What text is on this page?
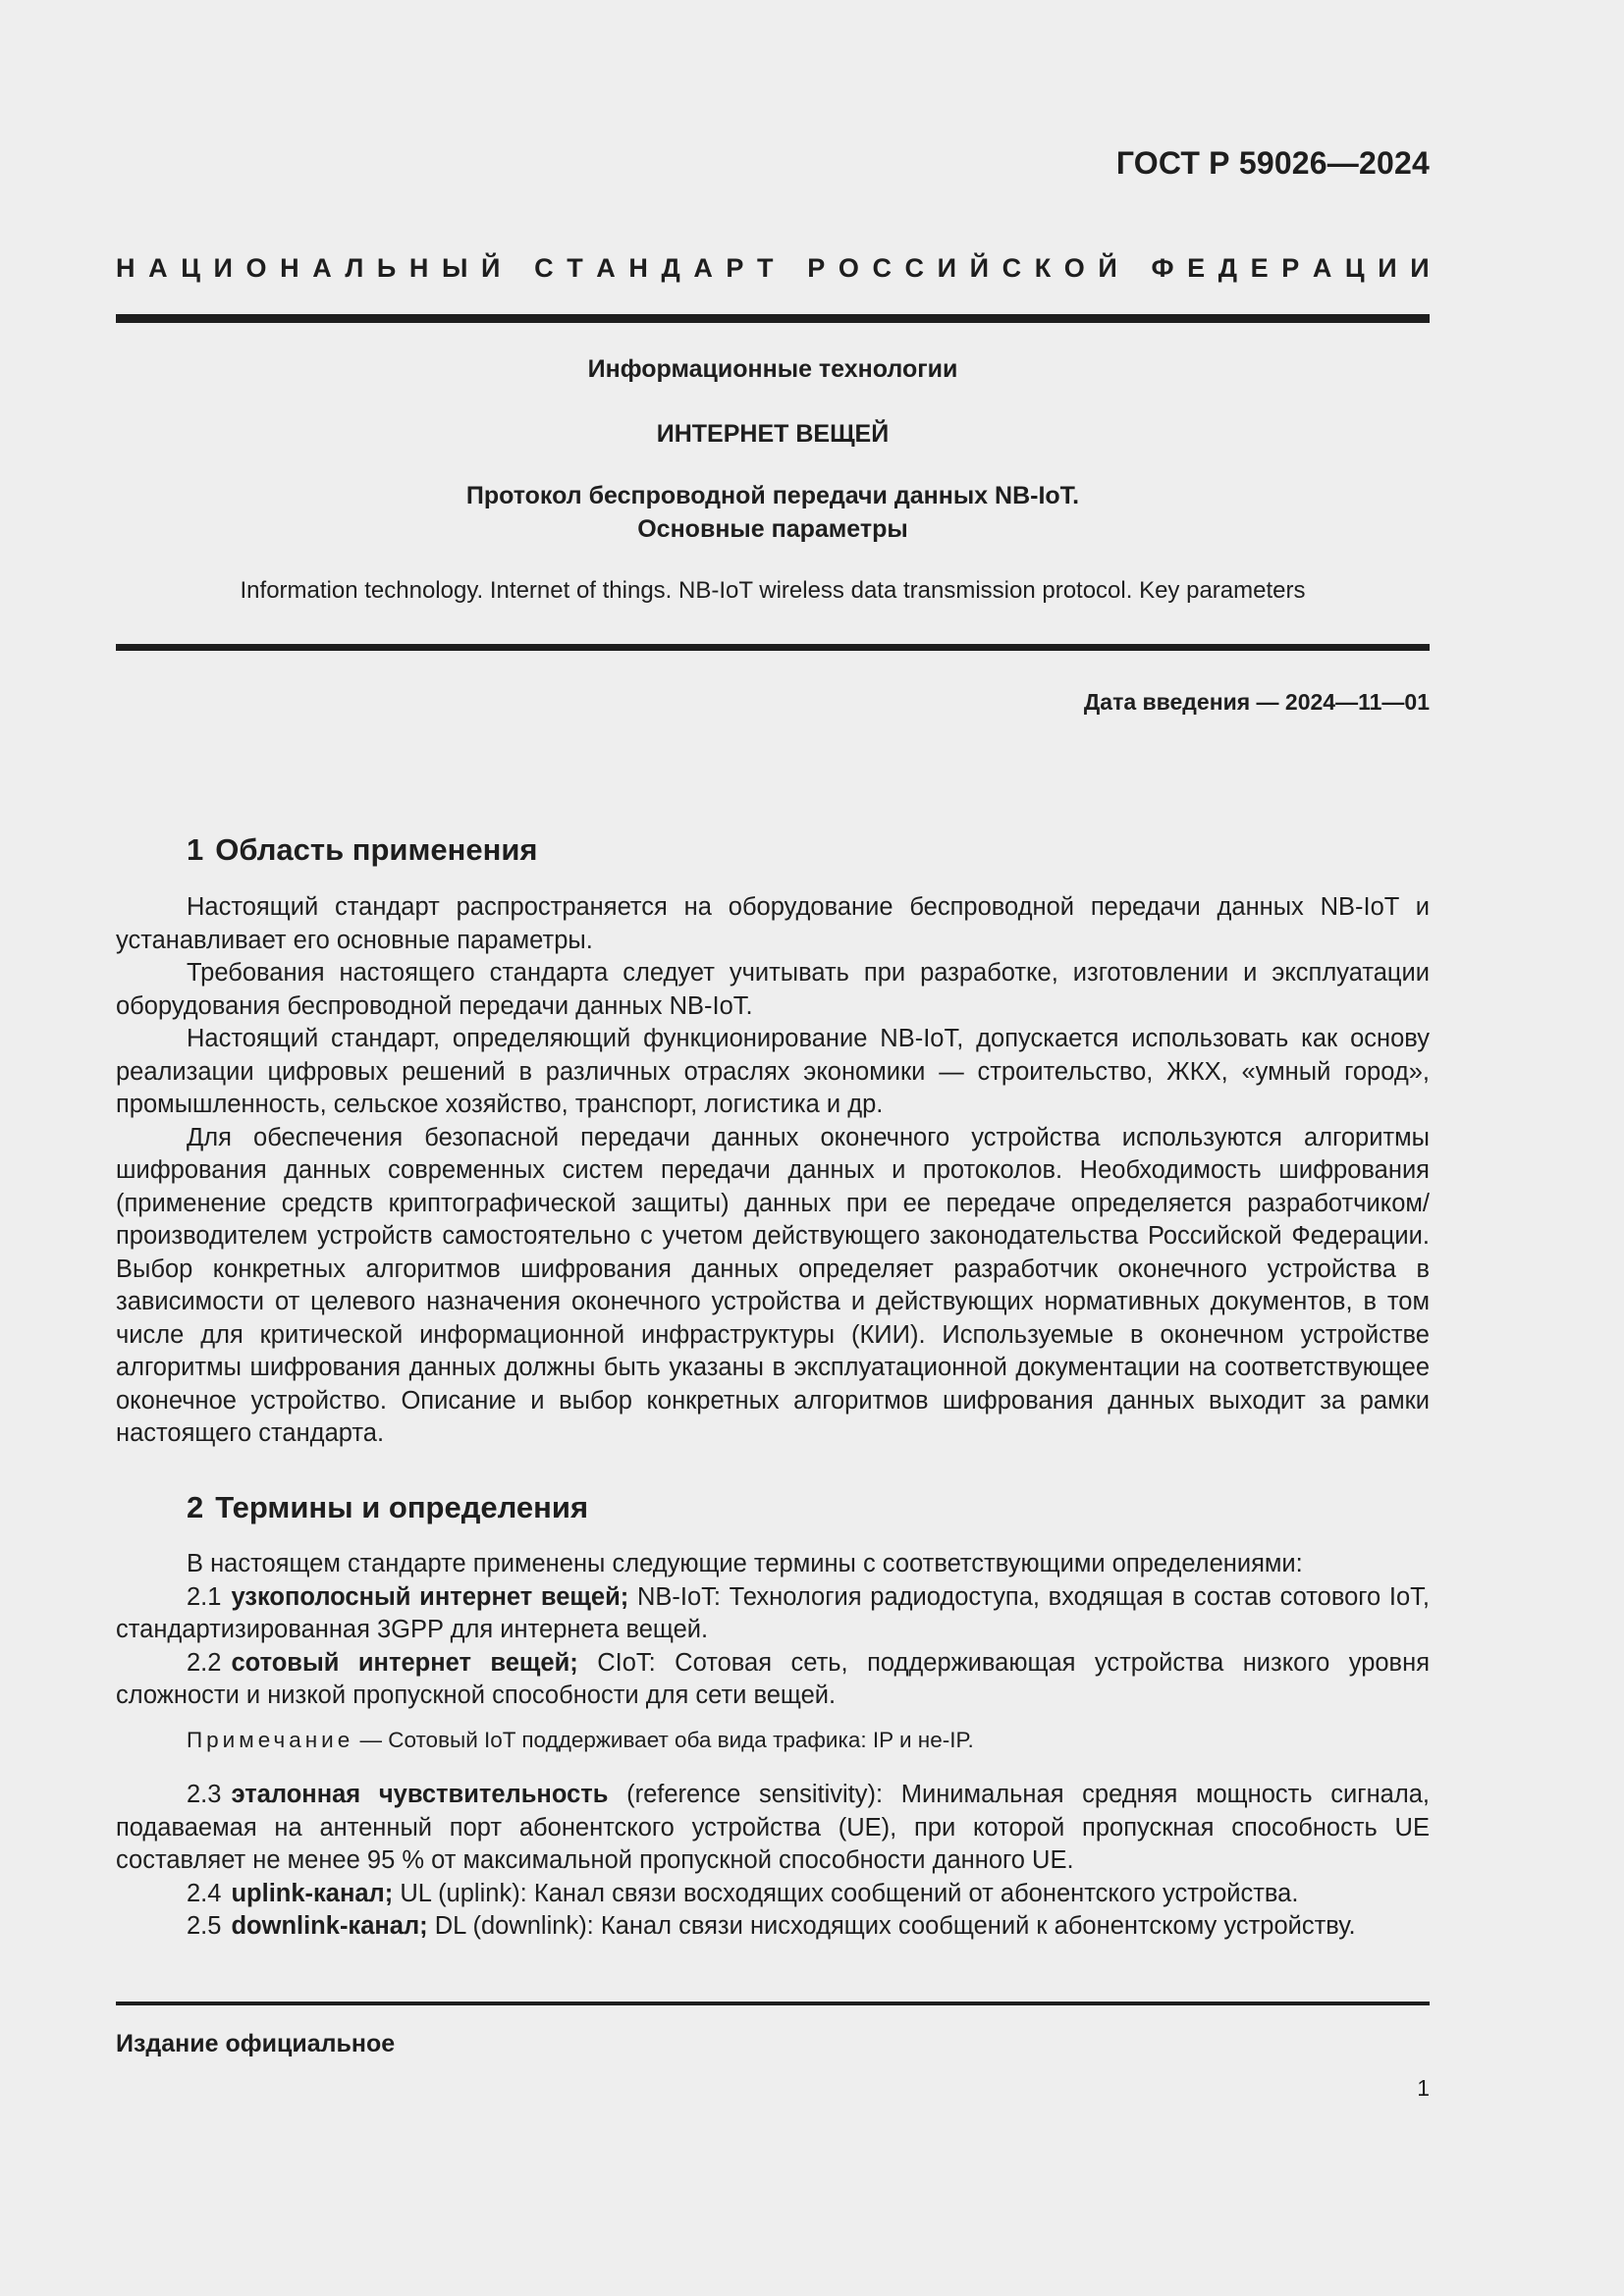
ГОСТ Р 59026—2024
Н А Ц И О Н А Л Ь Н Ы Й
С Т А Н Д А Р Т
Р О С С И Й С К О Й
Ф Е Д Е Р А Ц И И
Информационные технологии
ИНТЕРНЕТ ВЕЩЕЙ
Протокол беспроводной передачи данных NB-IoT.
Основные параметры
Information technology. Internet of things. NB-IoT wireless data transmission protocol. Key parameters
Дата введения — 2024—11—01
1 Область применения

Настоящий стандарт распространяется на оборудование беспроводной передачи данных NB-IoT и устанавливает его основные параметры.

Требования настоящего стандарта следует учитывать при разработке, изготовлении и эксплуатации оборудования беспроводной передачи данных NB-IoT.

Настоящий стандарт, определяющий функционирование NB-IoT, допускается использовать как основу реализации цифровых решений в различных отраслях экономики — строительство, ЖКХ, «умный город», промышленность, сельское хозяйство, транспорт, логистика и др.

Для обеспечения безопасной передачи данных оконечного устройства используются алгоритмы шифрования данных современных систем передачи данных и протоколов. Необходимость шифрования (применение средств криптографической защиты) данных при ее передаче определяется разработчиком/производителем устройств самостоятельно с учетом действующего законодательства Российской Федерации. Выбор конкретных алгоритмов шифрования данных определяет разработчик оконечного устройства в зависимости от целевого назначения оконечного устройства и действующих нормативных документов, в том числе для критической информационной инфраструктуры (КИИ). Используемые в оконечном устройстве алгоритмы шифрования данных должны быть указаны в эксплуатационной документации на соответствующее оконечное устройство. Описание и выбор конкретных алгоритмов шифрования данных выходит за рамки настоящего стандарта.

2 Термины и определения

В настоящем стандарте применены следующие термины с соответствующими определениями:

2.1 узкополосный интернет вещей; NB-IoT: Технология радиодоступа, входящая в состав сотового IoT, стандартизированная 3GPP для интернета вещей.

2.2 сотовый интернет вещей; CIoT: Сотовая сеть, поддерживающая устройства низкого уровня сложности и низкой пропускной способности для сети вещей.

Примечание — Сотовый IoT поддерживает оба вида трафика: IP и не-IP.

2.3 эталонная чувствительность (reference sensitivity): Минимальная средняя мощность сигнала, подаваемая на антенный порт абонентского устройства (UE), при которой пропускная способность UE составляет не менее 95 % от максимальной пропускной способности данного UE.

2.4 uplink-канал; UL (uplink): Канал связи восходящих сообщений от абонентского устройства.

2.5 downlink-канал; DL (downlink): Канал связи нисходящих сообщений к абонентскому устройству.

Издание официальное
1
